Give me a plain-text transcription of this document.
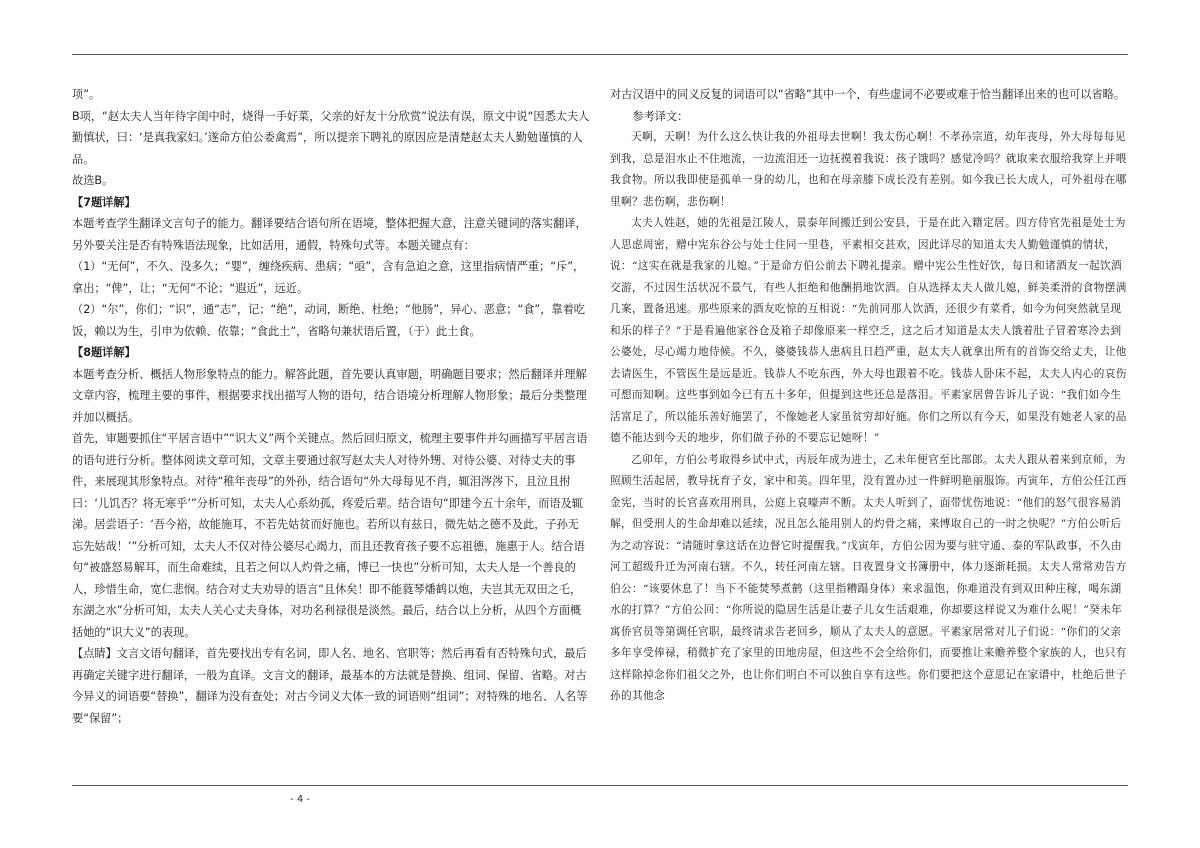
项”。

B项，“赵太夫人当年待字闺中时，烧得一手好菜，父亲的好友十分欣赏”说法有误，原文中说“因悉太夫人勤慎状，曰：‘是真我家妇。’遂命方伯公委禽焉”，所以提亲下聘礼的原因应是清楚赵太夫人勤勉谨慎的人品。

故选B。

【7题详解】

本题考查学生翻译文言句子的能力。翻译要结合语句所在语境，整体把握大意，注意关键词的落实翻译，另外要关注是否有特殊语法现象，比如活用，通假，特殊句式等。本题关键点有：

（1）“无何”，不久、没多久；“婴”，缠绕疾病、患病；“亟”，含有急迫之意，这里指病情严重；“斥”，拿出；“俾”，让；“无何”不论；“遐近”，远近。

（2）“尔”，你们；“识”，通“志”，记；“绝”，动词，断绝、杜绝；“他肠”，异心、恶意；“食”，靠着吃饭，赖以为生，引申为依赖、依靠；“食此土”，省略句兼状语后置，（于）此土食。

【8题详解】

本题考查分析、概括人物形象特点的能力。解答此题，首先要认真审题，明确题目要求；然后翻译并理解文章内容，梳理主要的事件，根据要求找出描写人物的语句，结合语境分析理解人物形象；最后分类整理并加以概括。

首先，审题要抓住“平居言语中”“识大义”两个关键点。然后回归原文，梳理主要事件并勾画描写平居言语的语句进行分析。整体阅读文章可知，文章主要通过叙写赵太夫人对待外甥、对待公婆、对待丈夫的事件，来展现其形象特点。对待“稚年丧母”的外孙，结合语句“外大母每见不肖，辄泪涔涔下，且泣且拊曰：‘儿饥否？将无寒乎’”分析可知，太夫人心系幼孤，疼爱后辈。结合语句“即建今五十余年，而语及辄涕。居尝语子：‘吾今裕，故能施耳，不若先姑贫而好施也。若所以有兹日，微先姑之德不及此，子孙无忘先姑哉！’”分析可知，太夫人不仅对待公婆尽心竭力，而且还教育孩子要不忘祖德，施惠于人。结合语句“被盛怒易解耳，而生命难续，且若之何以人灼骨之痛，博已一快也”分析可知，太夫人是一个善良的人，珍惜生命，宽仁悲悯。结合对丈夫劝导的语言“且休矣！即不能蕤琴燔鹤以炮，夫岂其无双田之乇，东湖之水”分析可知，太夫人关心丈夫身体，对功名利禄很是淡然。最后，结合以上分析，从四个方面概括她的“识大义”的表现。

【点睛】文言文语句翻译，首先要找出专有名词，即人名、地名、官职等；然后再看有否特殊句式，最后再确定关键字进行翻译，一般为直译。文言文的翻译，最基本的方法就是替换、组词、保留、省略。对古今异义的词语要“替换”，翻译为没有查处；对古今词义大体一致的词语则“组词”；对特殊的地名、人名等要“保留”；

对古汉语中的同义反复的词语可以“省略”其中一个，有些虚词不必要或难于恰当翻译出来的也可以省略。

参考译文：

天啊，天啊！为什么这么快让我的外祖母去世啊！我太伤心啊！不孝孙宗道，幼年丧母，外大母每每见到我，总是泪水止不住地流，一边流泪还一边抚摸着我说：孩子饿吗？感觉冷吗？就取来衣服给我穿上并喂我食物。所以我即使是孤单一身的幼儿，也和在母亲膝下成长没有差别。如今我已长大成人，可外祖母在哪里啊？悲伤啊，悲伤啊！

太夫人姓赵，她的先祖是江陵人，景泰年间搬迁到公安县，于是在此入籍定居。四方侍官先祖是处士为人思虑周密，赠中宪东谷公与处士住同一里巷，平素相交甚欢，因此详尽的知道太夫人勤勉谨慎的情状，说：“这实在就是我家的儿媳。”于是命方伯公前去下聘礼提亲。赠中宪公生性好饮，每日和诸酒友一起饮酒交游，不过因生活状况不景气，有些人拒绝和他酬捐地饮酒。自从选择太夫人做儿媳，鲜美柔滑的食物摆满几案，置备迅速。那些原来的酒友吃惊的互相说：“先前同那人饮酒，还很少有菜肴，如今为何突然就呈现和乐的样子？”于是看遍他家谷仓及箱子却像原来一样空乏，这之后才知道是太夫人饿着肚子冒着寒冷去到公婆处，尽心竭力地侍候。不久，婆婆钱恭人患病且日趋严重，赵太夫人就拿出所有的首饰交给丈夫，让他去请医生，不管医生是远是近。钱恭人不吃东西，外大母也跟着不吃。钱恭人卧床不起，太夫人内心的哀伤可想而知啊。这些事到如今已有五十多年，但提到这些还总是落泪。平素家居曾告诉儿子说：“我们如今生活富足了，所以能乐善好施罢了，不像她老人家虽贫穷却好施。你们之所以有今天，如果没有她老人家的品德不能达到今天的地步，你们做子孙的不要忘记她呀！”

乙卯年，方伯公考取得乡试中式，丙辰年成为进士，乙未年便官至比部郎。太夫人跟从着来到京师，为照顾生活起居，教导抚育子女，家中和美。四年里，没有置办过一件鲜明艳丽服饰。丙寅年，方伯公任江西金宪，当时的长官喜欢用刑具，公庭上哀嚎声不断。太夫人听到了，面带忧伤地说：“他们的怒气很容易消解，但受刑人的生命却难以延续，况且怎么能用别人的灼骨之痛，来博取自己的一时之快呢？”方伯公听后为之动容说：“请随时拿这话在边督它时提醒我。”戊寅年，方伯公因为要与驻守通、泰的军队政事，不久由河工超级升迁为河南右辖。不久，转任河南左辖。日夜置身文书簿册中，体力逐渐耗损。太夫人常常劝告方伯公：“该要休息了！当下不能焚琴煮鹤（这里指糟蹋身体）来求温饱，你难道没有到双田种庄稼，喝东湖水的打算？”方伯公回：“你所说的隐居生活是让妻子儿女生活艰难，你却要这样说又为难什么呢！”癸未年寓侨官员等第调任官职，最终请求告老回乡，顺从了太夫人的意愿。平素家居常对儿子们说：“你们的父亲多年享受俸禄，稍微扩充了家里的田地房屋，但这些不会全给你们，而要推让来赡养整个家族的人，也只有这样除掉念你们祖父之外，也让你们明白不可以独自享有这些。你们要把这个意思记在家谱中，杜绝后世子孙的其他念

- 4 -
